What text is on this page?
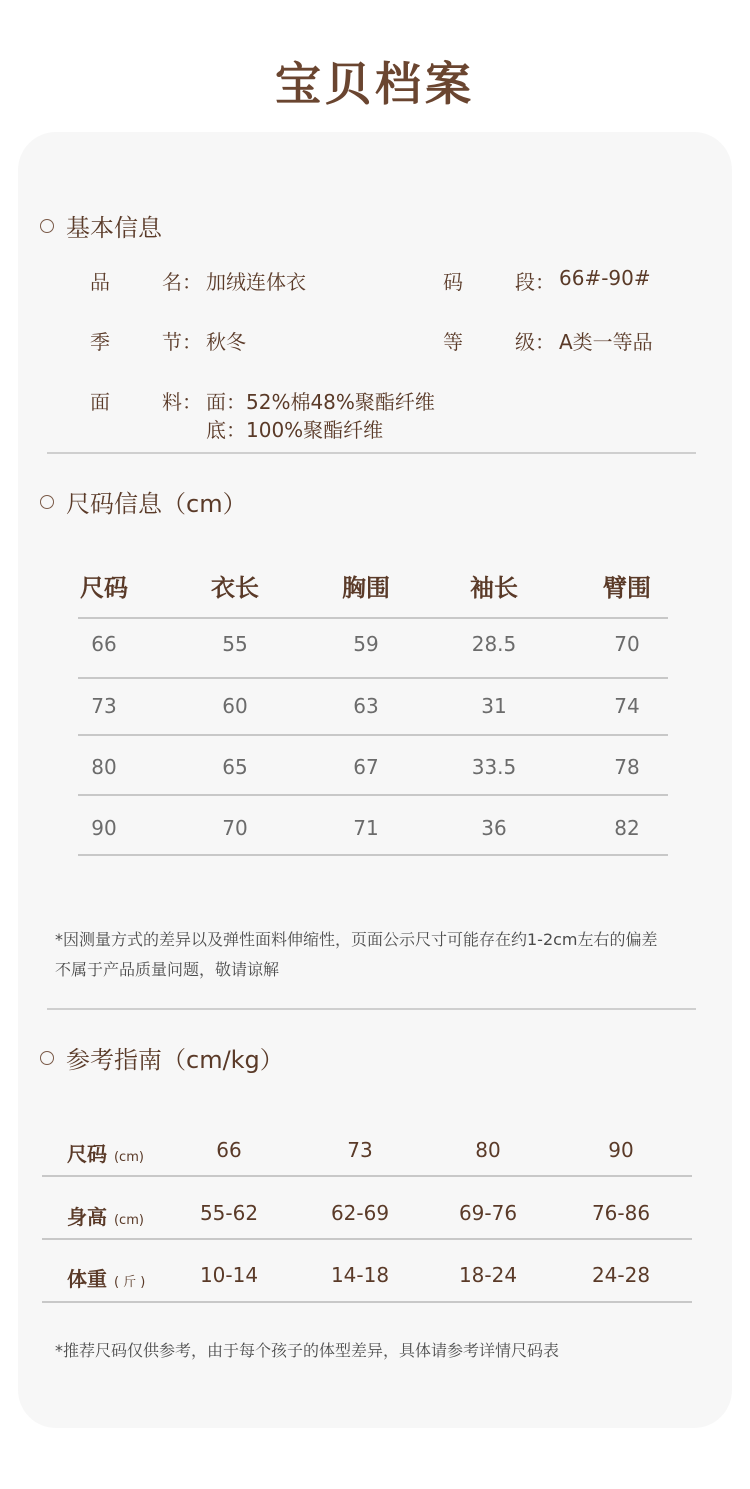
宝贝档案
基本信息
品	名 ： 加绒连体衣	码	段 ： 66#-90#
季	节 ： 秋冬	等	级 ： A类一等品
面	料 ： 面：52%棉48%聚酯纤维
底：100%聚酯纤维
尺码信息（cm）
尺码	衣长	胸围	袖长	臂围
66	55	59	28.5	70
73	60	63	31	74
80	65	67	33.5	78
90	70	71	36	82
*因测量方式的差异以及弹性面料伸缩性，页面公示尺寸可能存在约1-2cm左右的偏差
不属于产品质量问题，敬请谅解
参考指南（cm/kg）
尺码 (cm)	66	73	80	90
身高 (cm)	55-62	62-69	69-76	76-86
体重 ( 斤 )	10-14	14-18	18-24	24-28
*推荐尺码仅供参考，由于每个孩子的体型差异，具体请参考详情尺码表
